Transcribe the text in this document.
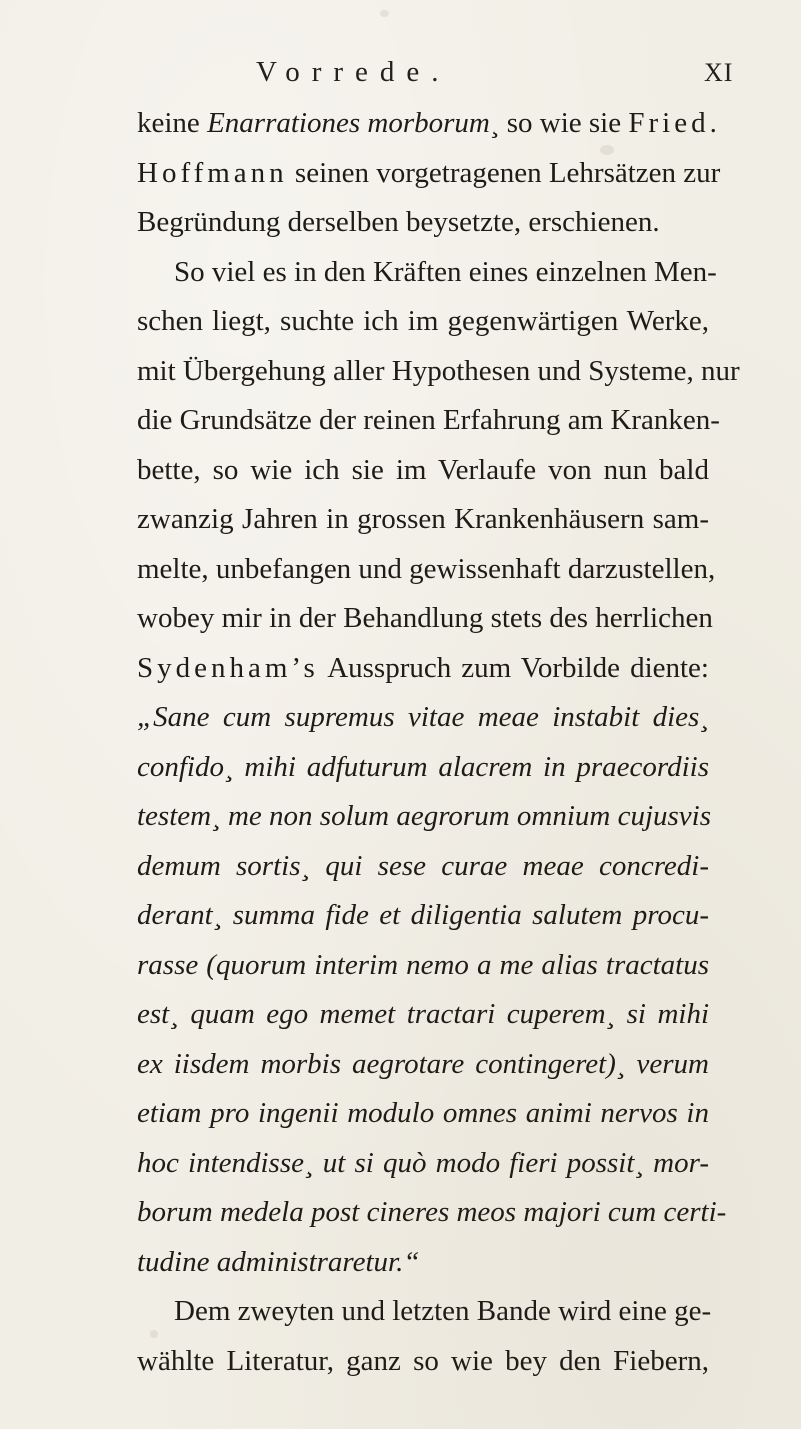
Vorrede.	XI
keine Enarrationes morborum¸ so wie sie Fried.
Hoffmann seinen vorgetragenen Lehrsätzen zur
Begründung derselben beysetzte, erschienen.
So viel es in den Kräften eines einzelnen Men-
schen liegt, suchte ich im gegenwärtigen Werke,
mit Übergehung aller Hypothesen und Systeme, nur
die Grundsätze der reinen Erfahrung am Kranken-
bette, so wie ich sie im Verlaufe von nun bald
zwanzig Jahren in grossen Krankenhäusern sam-
melte, unbefangen und gewissenhaft darzustellen,
wobey mir in der Behandlung stets des herrlichen
Sydenham’s Ausspruch zum Vorbilde diente:
„Sane cum supremus vitae meae instabit dies¸
confido¸ mihi adfuturum alacrem in praecordiis
testem¸ me non solum aegrorum omnium cujusvis
demum sortis¸ qui sese curae meae concredi-
derant¸ summa fide et diligentia salutem procu-
rasse (quorum interim nemo a me alias tractatus
est¸ quam ego memet tractari cuperem¸ si mihi
ex iisdem morbis aegrotare contingeret)¸ verum
etiam pro ingenii modulo omnes animi nervos in
hoc intendisse¸ ut si quò modo fieri possit¸ mor-
borum medela post cineres meos majori cum certi-
tudine administraretur.“
Dem zweyten und letzten Bande wird eine ge-
wählte Literatur, ganz so wie bey den Fiebern,
